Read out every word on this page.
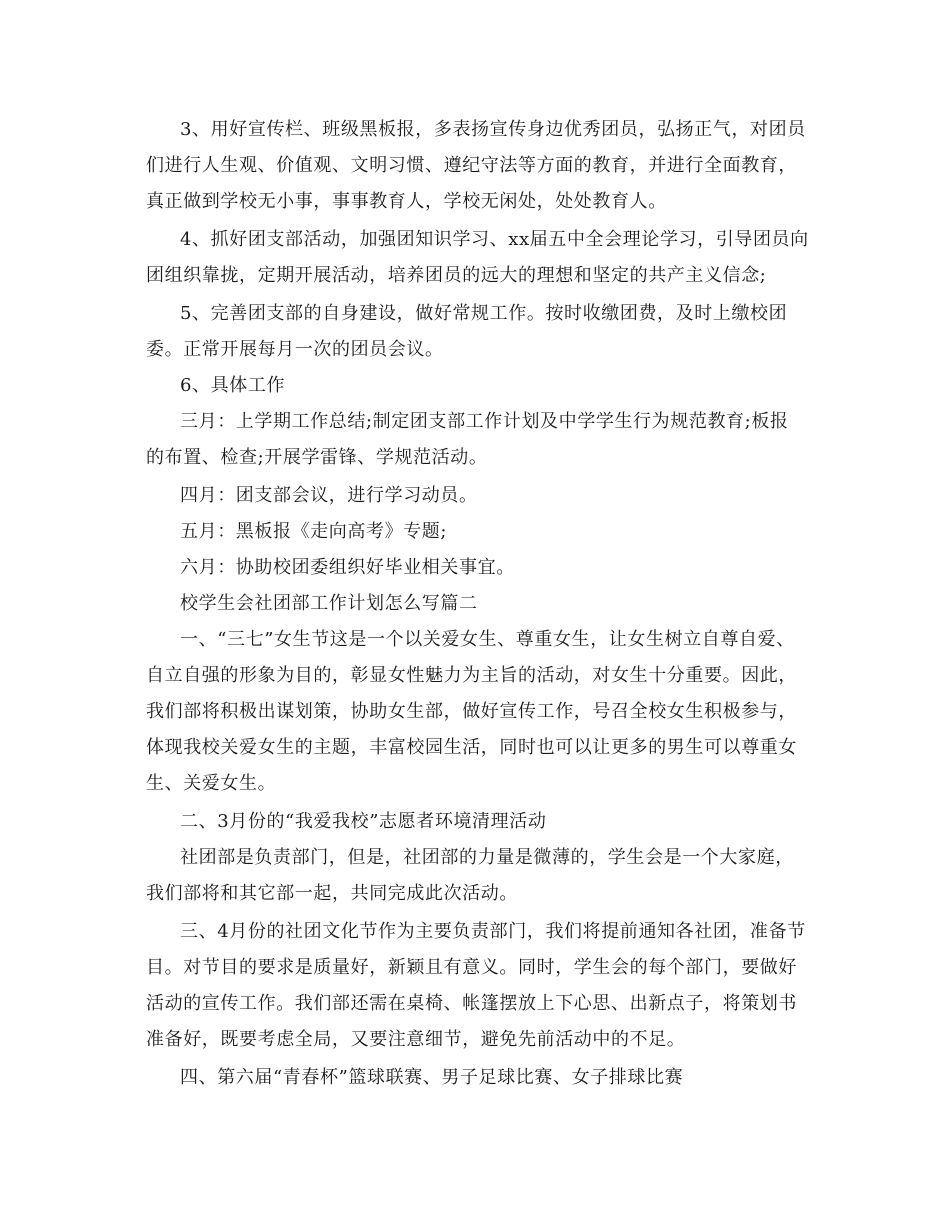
3、用好宣传栏、班级黑板报，多表扬宣传身边优秀团员，弘扬正气，对团员
们进行人生观、价值观、文明习惯、遵纪守法等方面的教育，并进行全面教育，
真正做到学校无小事，事事教育人，学校无闲处，处处教育人。
4、抓好团支部活动，加强团知识学习、xx届五中全会理论学习，引导团员向
团组织靠拢，定期开展活动，培养团员的远大的理想和坚定的共产主义信念;
5、完善团支部的自身建设，做好常规工作。按时收缴团费，及时上缴校团
委。正常开展每月一次的团员会议。
6、具体工作
三月：上学期工作总结;制定团支部工作计划及中学学生行为规范教育;板报
的布置、检查;开展学雷锋、学规范活动。
四月：团支部会议，进行学习动员。
五月：黑板报《走向高考》专题;
六月：协助校团委组织好毕业相关事宜。
校学生会社团部工作计划怎么写篇二
一、“三七”女生节这是一个以关爱女生、尊重女生，让女生树立自尊自爱、
自立自强的形象为目的，彰显女性魅力为主旨的活动，对女生十分重要。因此，
我们部将积极出谋划策，协助女生部，做好宣传工作，号召全校女生积极参与，
体现我校关爱女生的主题，丰富校园生活，同时也可以让更多的男生可以尊重女
生、关爱女生。
二、3月份的“我爱我校”志愿者环境清理活动
社团部是负责部门，但是，社团部的力量是微薄的，学生会是一个大家庭，
我们部将和其它部一起，共同完成此次活动。
三、4月份的社团文化节作为主要负责部门，我们将提前通知各社团，准备节
目。对节目的要求是质量好，新颖且有意义。同时，学生会的每个部门，要做好
活动的宣传工作。我们部还需在桌椅、帐篷摆放上下心思、出新点子，将策划书
准备好，既要考虑全局，又要注意细节，避免先前活动中的不足。
四、第六届“青春杯”篮球联赛、男子足球比赛、女子排球比赛
